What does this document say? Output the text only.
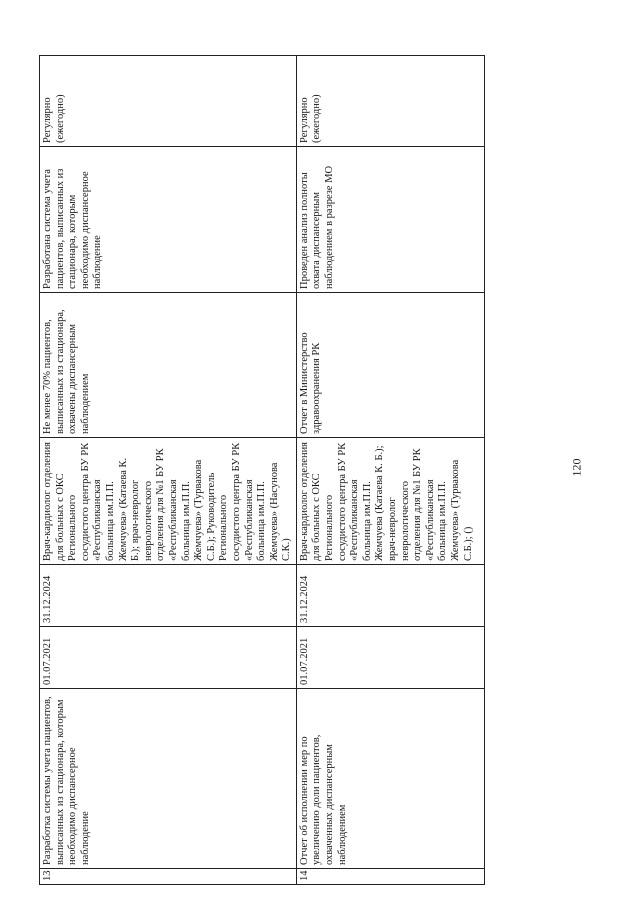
13	Разработка системы учета пациентов, выписанных из стационара, которым необходимо диспансерное наблюдение	01.07.2021	31.12.2024	Врач-кардиолог отделения для больных с ОКС Регионального сосудистого центра БУ РК «Республиканская больница им.П.П. Жемчуева» (Катаева К. Б.); врач-невролог неврологического отделения для №1 БУ РК «Республиканская больница им.П.П. Жемчуева» (Турвакова С.Б.); Руководитель Регионального сосудистого центра БУ РК «Республиканская больница им.П.П. Жемчуева» (Насунова С.К.)	Не менее 70% пациентов, выписанных из стационара, охвачены диспансерным наблюдением	Разработана система учета пациентов, выписанных из стационара, которым необходимо диспансерное наблюдение	Регулярно (ежегодно)
14	Отчет об исполнении мер по увеличению доли пациентов, охваченных диспансерным наблюдением	01.07.2021	31.12.2024	Врач-кардиолог отделения для больных с ОКС Регионального сосудистого центра БУ РК «Республиканская больница им.П.П. Жемчуева (Катаева К. Б.); врач-невролог неврологического отделения для №1 БУ РК «Республиканская больница им.П.П. Жемчуева» (Турвакова С.Б.); ()	Отчет в Министерство здравоохранения РК	Проведен анализ полноты охвата диспансерным наблюдением в разрезе МО	Регулярно (ежегодно)
120
